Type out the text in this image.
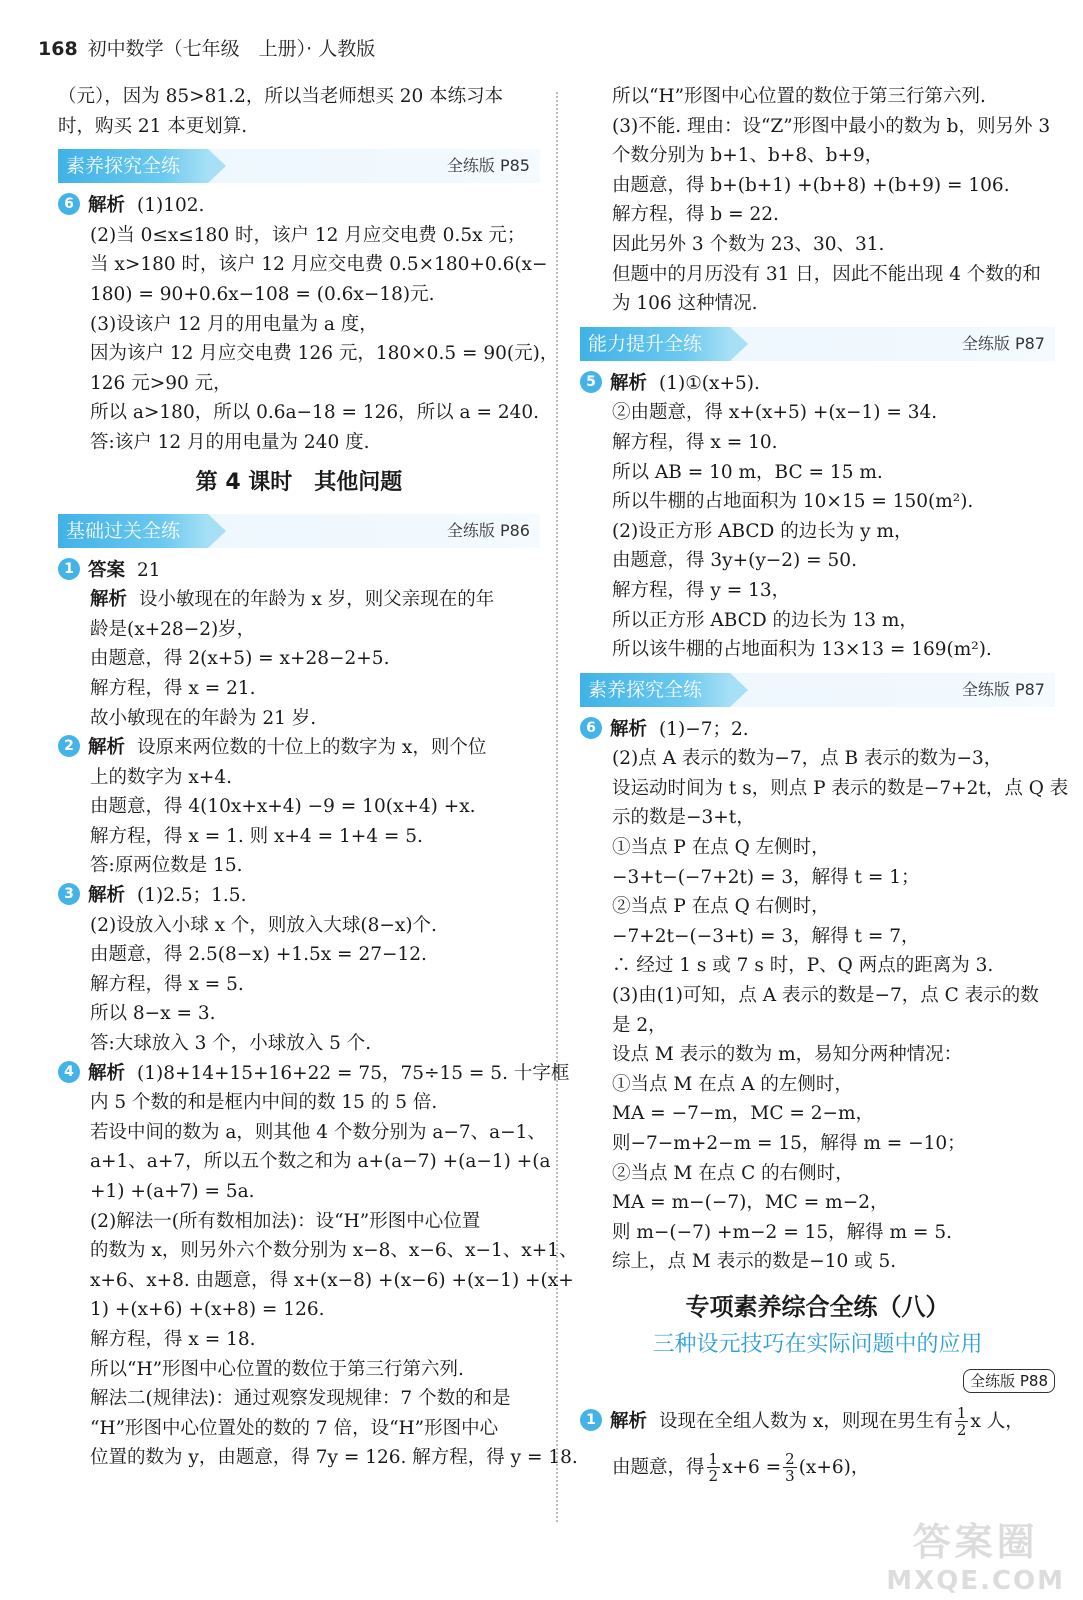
168 初中数学（七年级　上册）· 人教版
（元），因为 85>81.2，所以当老师想买 20 本练习本
时，购买 21 本更划算.
素养探究全练	全练版 P85
6 解析 (1)102.
(2)当 0≤x≤180 时，该户 12 月应交电费 0.5x 元；
当 x>180 时，该户 12 月应交电费 0.5×180+0.6(x−
180) = 90+0.6x−108 = (0.6x−18)元.
(3)设该户 12 月的用电量为 a 度，
因为该户 12 月应交电费 126 元，180×0.5 = 90(元)，
126 元>90 元，
所以 a>180，所以 0.6a−18 = 126，所以 a = 240.
答:该户 12 月的用电量为 240 度.
第 4 课时　其他问题
基础过关全练	全练版 P86
1 答案 21
解析 设小敏现在的年龄为 x 岁，则父亲现在的年
龄是(x+28−2)岁，
由题意，得 2(x+5) = x+28−2+5.
解方程，得 x = 21.
故小敏现在的年龄为 21 岁.
2 解析 设原来两位数的十位上的数字为 x，则个位
上的数字为 x+4.
由题意，得 4(10x+x+4) −9 = 10(x+4) +x.
解方程，得 x = 1. 则 x+4 = 1+4 = 5.
答:原两位数是 15.
3 解析 (1)2.5；1.5.
(2)设放入小球 x 个，则放入大球(8−x)个.
由题意，得 2.5(8−x) +1.5x = 27−12.
解方程，得 x = 5.
所以 8−x = 3.
答:大球放入 3 个，小球放入 5 个.
4 解析 (1)8+14+15+16+22 = 75，75÷15 = 5. 十字框
内 5 个数的和是框内中间的数 15 的 5 倍.
若设中间的数为 a，则其他 4 个数分别为 a−7、a−1、
a+1、a+7，所以五个数之和为 a+(a−7) +(a−1) +(a
+1) +(a+7) = 5a.
(2)解法一(所有数相加法)：设“H”形图中心位置
的数为 x，则另外六个数分别为 x−8、x−6、x−1、x+1、
x+6、x+8. 由题意，得 x+(x−8) +(x−6) +(x−1) +(x+
1) +(x+6) +(x+8) = 126.
解方程，得 x = 18.
所以“H”形图中心位置的数位于第三行第六列.
解法二(规律法)：通过观察发现规律：7 个数的和是
“H”形图中心位置处的数的 7 倍，设“H”形图中心
位置的数为 y，由题意，得 7y = 126. 解方程，得 y = 18.
所以“H”形图中心位置的数位于第三行第六列.
(3)不能. 理由：设“Z”形图中最小的数为 b，则另外 3
个数分别为 b+1、b+8、b+9，
由题意，得 b+(b+1) +(b+8) +(b+9) = 106.
解方程，得 b = 22.
因此另外 3 个数为 23、30、31.
但题中的月历没有 31 日，因此不能出现 4 个数的和
为 106 这种情况.
能力提升全练	全练版 P87
5 解析 (1)①(x+5).
②由题意，得 x+(x+5) +(x−1) = 34.
解方程，得 x = 10.
所以 AB = 10 m，BC = 15 m.
所以牛棚的占地面积为 10×15 = 150(m²).
(2)设正方形 ABCD 的边长为 y m，
由题意，得 3y+(y−2) = 50.
解方程，得 y = 13，
所以正方形 ABCD 的边长为 13 m，
所以该牛棚的占地面积为 13×13 = 169(m²).
素养探究全练	全练版 P87
6 解析 (1)−7；2.
(2)点 A 表示的数为−7，点 B 表示的数为−3，
设运动时间为 t s，则点 P 表示的数是−7+2t，点 Q 表
示的数是−3+t，
①当点 P 在点 Q 左侧时，
−3+t−(−7+2t) = 3，解得 t = 1；
②当点 P 在点 Q 右侧时，
−7+2t−(−3+t) = 3，解得 t = 7，
∴ 经过 1 s 或 7 s 时，P、Q 两点的距离为 3.
(3)由(1)可知，点 A 表示的数是−7，点 C 表示的数
是 2，
设点 M 表示的数为 m，易知分两种情况：
①当点 M 在点 A 的左侧时，
MA = −7−m，MC = 2−m，
则−7−m+2−m = 15，解得 m = −10；
②当点 M 在点 C 的右侧时，
MA = m−(−7)，MC = m−2，
则 m−(−7) +m−2 = 15，解得 m = 5.
综上，点 M 表示的数是−10 或 5.
专项素养综合全练（八）
三种设元技巧在实际问题中的应用
全练版 P88
1 解析 设现在全组人数为 x，则现在男生有 $\frac{1}{2}$ x 人，
由题意，得 $\frac{1}{2} x+6 = \frac{2}{3} (x+6)$，
答案圈
MXQE.COM
